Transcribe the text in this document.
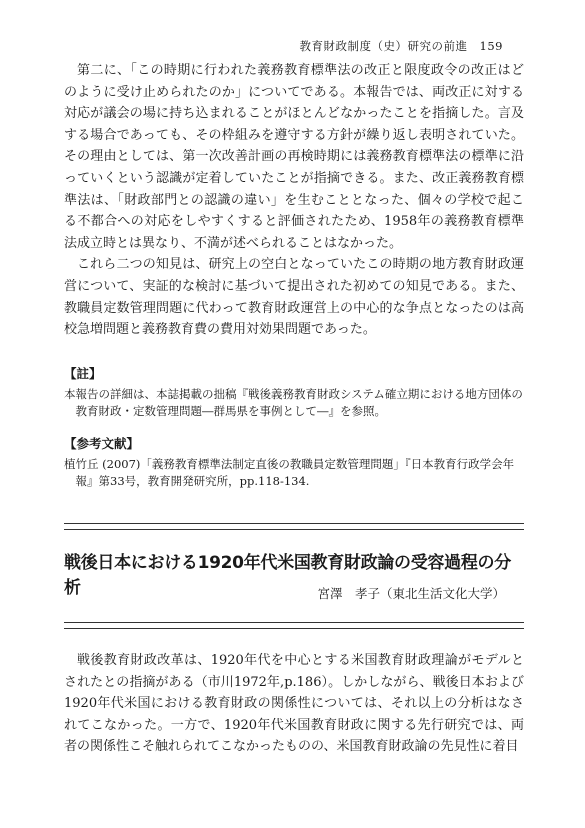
教育財政制度（史）研究の前進　159

第二に、「この時期に行われた義務教育標準法の改正と限度政令の改正はどのように受け止められたのか」についてである。本報告では、両改正に対する対応が議会の場に持ち込まれることがほとんどなかったことを指摘した。言及する場合であっても、その枠組みを遵守する方針が繰り返し表明されていた。その理由としては、第一次改善計画の再検時期には義務教育標準法の標準に沿っていくという認識が定着していたことが指摘できる。また、改正義務教育標準法は、「財政部門との認識の違い」を生むこととなった、個々の学校で起こる不都合への対応をしやすくすると評価されたため、1958年の義務教育標準法成立時とは異なり、不満が述べられることはなかった。

これら二つの知見は、研究上の空白となっていたこの時期の地方教育財政運営について、実証的な検討に基づいて提出された初めての知見である。また、教職員定数管理問題に代わって教育財政運営上の中心的な争点となったのは高校急増問題と義務教育費の費用対効果問題であった。

【註】

本報告の詳細は、本誌掲載の拙稿『戦後義務教育財政システム確立期における地方団体の教育財政・定数管理問題―群馬県を事例として―』を参照。

【参考文献】

植竹丘 (2007)「義務教育標準法制定直後の教職員定数管理問題」『日本教育行政学会年報』第33号，教育開発研究所，pp.118-134.

戦後日本における1920年代米国教育財政論の受容過程の分析	宮澤　孝子（東北生活文化大学）

戦後教育財政改革は、1920年代を中心とする米国教育財政理論がモデルとされたとの指摘がある（市川1972年,p.186）。しかしながら、戦後日本および1920年代米国における教育財政の関係性については、それ以上の分析はなされてこなかった。一方で、1920年代米国教育財政に関する先行研究では、両者の関係性こそ触れられてこなかったものの、米国教育財政論の先見性に着目
